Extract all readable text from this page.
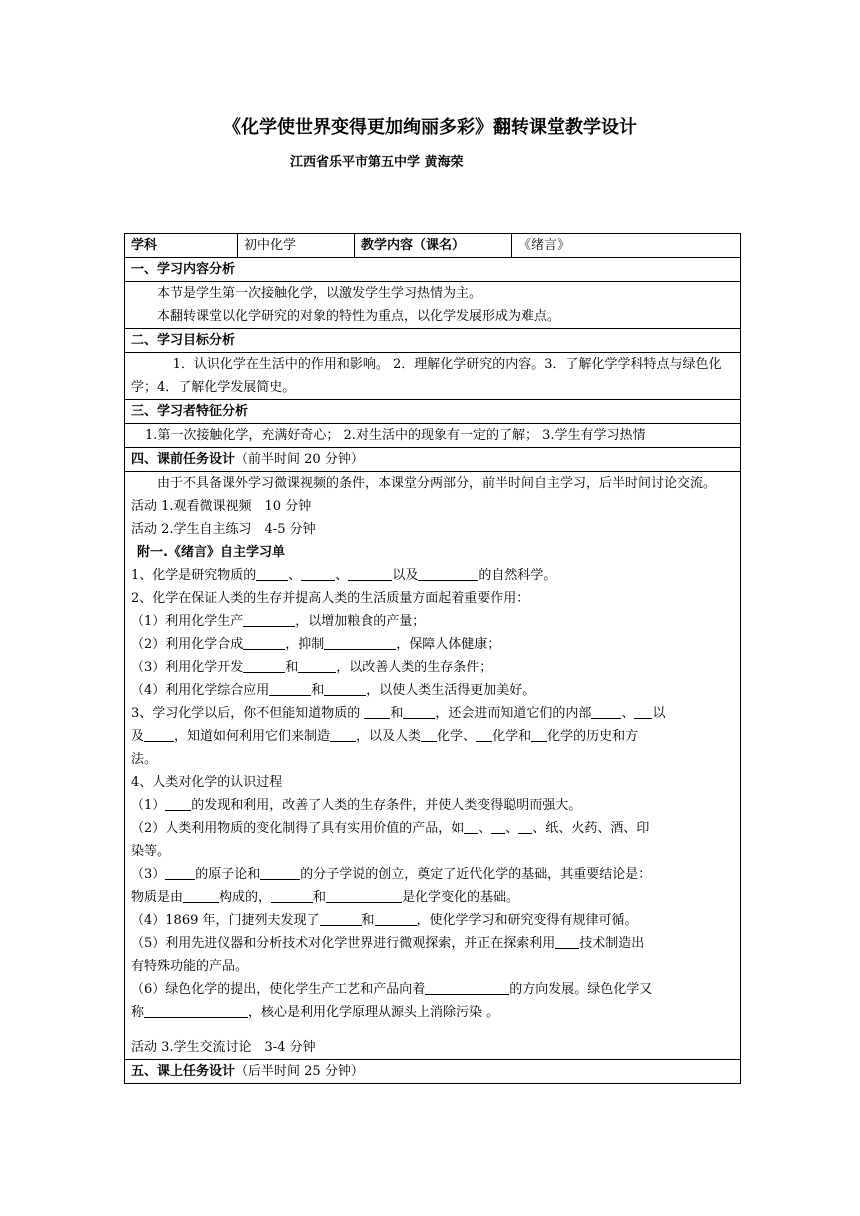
《化学使世界变得更加绚丽多彩》翻转课堂教学设计
江西省乐平市第五中学 黄海荣
学科	初中化学	教学内容（课名）	《绪言》
一、学习内容分析

本节是学生第一次接触化学，以激发学生学习热情为主。

本翻转课堂以化学研究的对象的特性为重点，以化学发展形成为难点。

二、学习目标分析

1．认识化学在生活中的作用和影响。 2．理解化学研究的内容。3．了解化学学科特点与绿色化学；4．了解化学发展简史。

三、学习者特征分析

1.第一次接触化学，充满好奇心； 2.对生活中的现象有一定的了解； 3.学生有学习热情

四、课前任务设计（前半时间 20 分钟）

由于不具备课外学习微课视频的条件，本课堂分两部分，前半时间自主学习，后半时间讨论交流。

活动 1.观看微课视频　10 分钟

活动 2.学生自主练习　4-5 分钟

附一.《绪言》自主学习单

1、化学是研究物质的 、	、	以及	的自然科学。

2、化学在保证人类的生存并提高人类的生活质量方面起着重要作用：

（1）利用化学生产	，以增加粮食的产量；

（2）利用化学合成	，抑制	，保障人体健康；

（3）利用化学开发	和	，以改善人类的生存条件；

（4）利用化学综合应用	和	，以使人类生活得更加美好。

3、学习化学以后，你不但能知道物质的 和 ，还会进而知道它们的内部 、 以
及 ，知道如何利用它们来制造 ，以及人类 化学、 化学和 化学的历史和方
法。

4、人类对化学的认识过程

（1） 的发现和利用，改善了人类的生存条件，并使人类变得聪明而强大。

（2）人类利用物质的变化制得了具有实用价值的产品，如 、 、 、纸、火药、酒、印
染等。

（3） 的原子论和	的分子学说的创立，奠定了近代化学的基础，其重要结论是：
物质是由	构成的，	和	是化学变化的基础。

（4）1869 年，门捷列夫发现了	和	，使化学学习和研究变得有规律可循。

（5）利用先进仪器和分析技术对化学世界进行微观探索，并正在探索利用 技术制造出
有特殊功能的产品。

（6）绿色化学的提出，使化学生产工艺和产品向着	的方向发展。绿色化学又
称	，核心是利用化学原理从源头上消除污染 。

活动 3.学生交流讨论　3-4 分钟

五、课上任务设计（后半时间 25 分钟）
